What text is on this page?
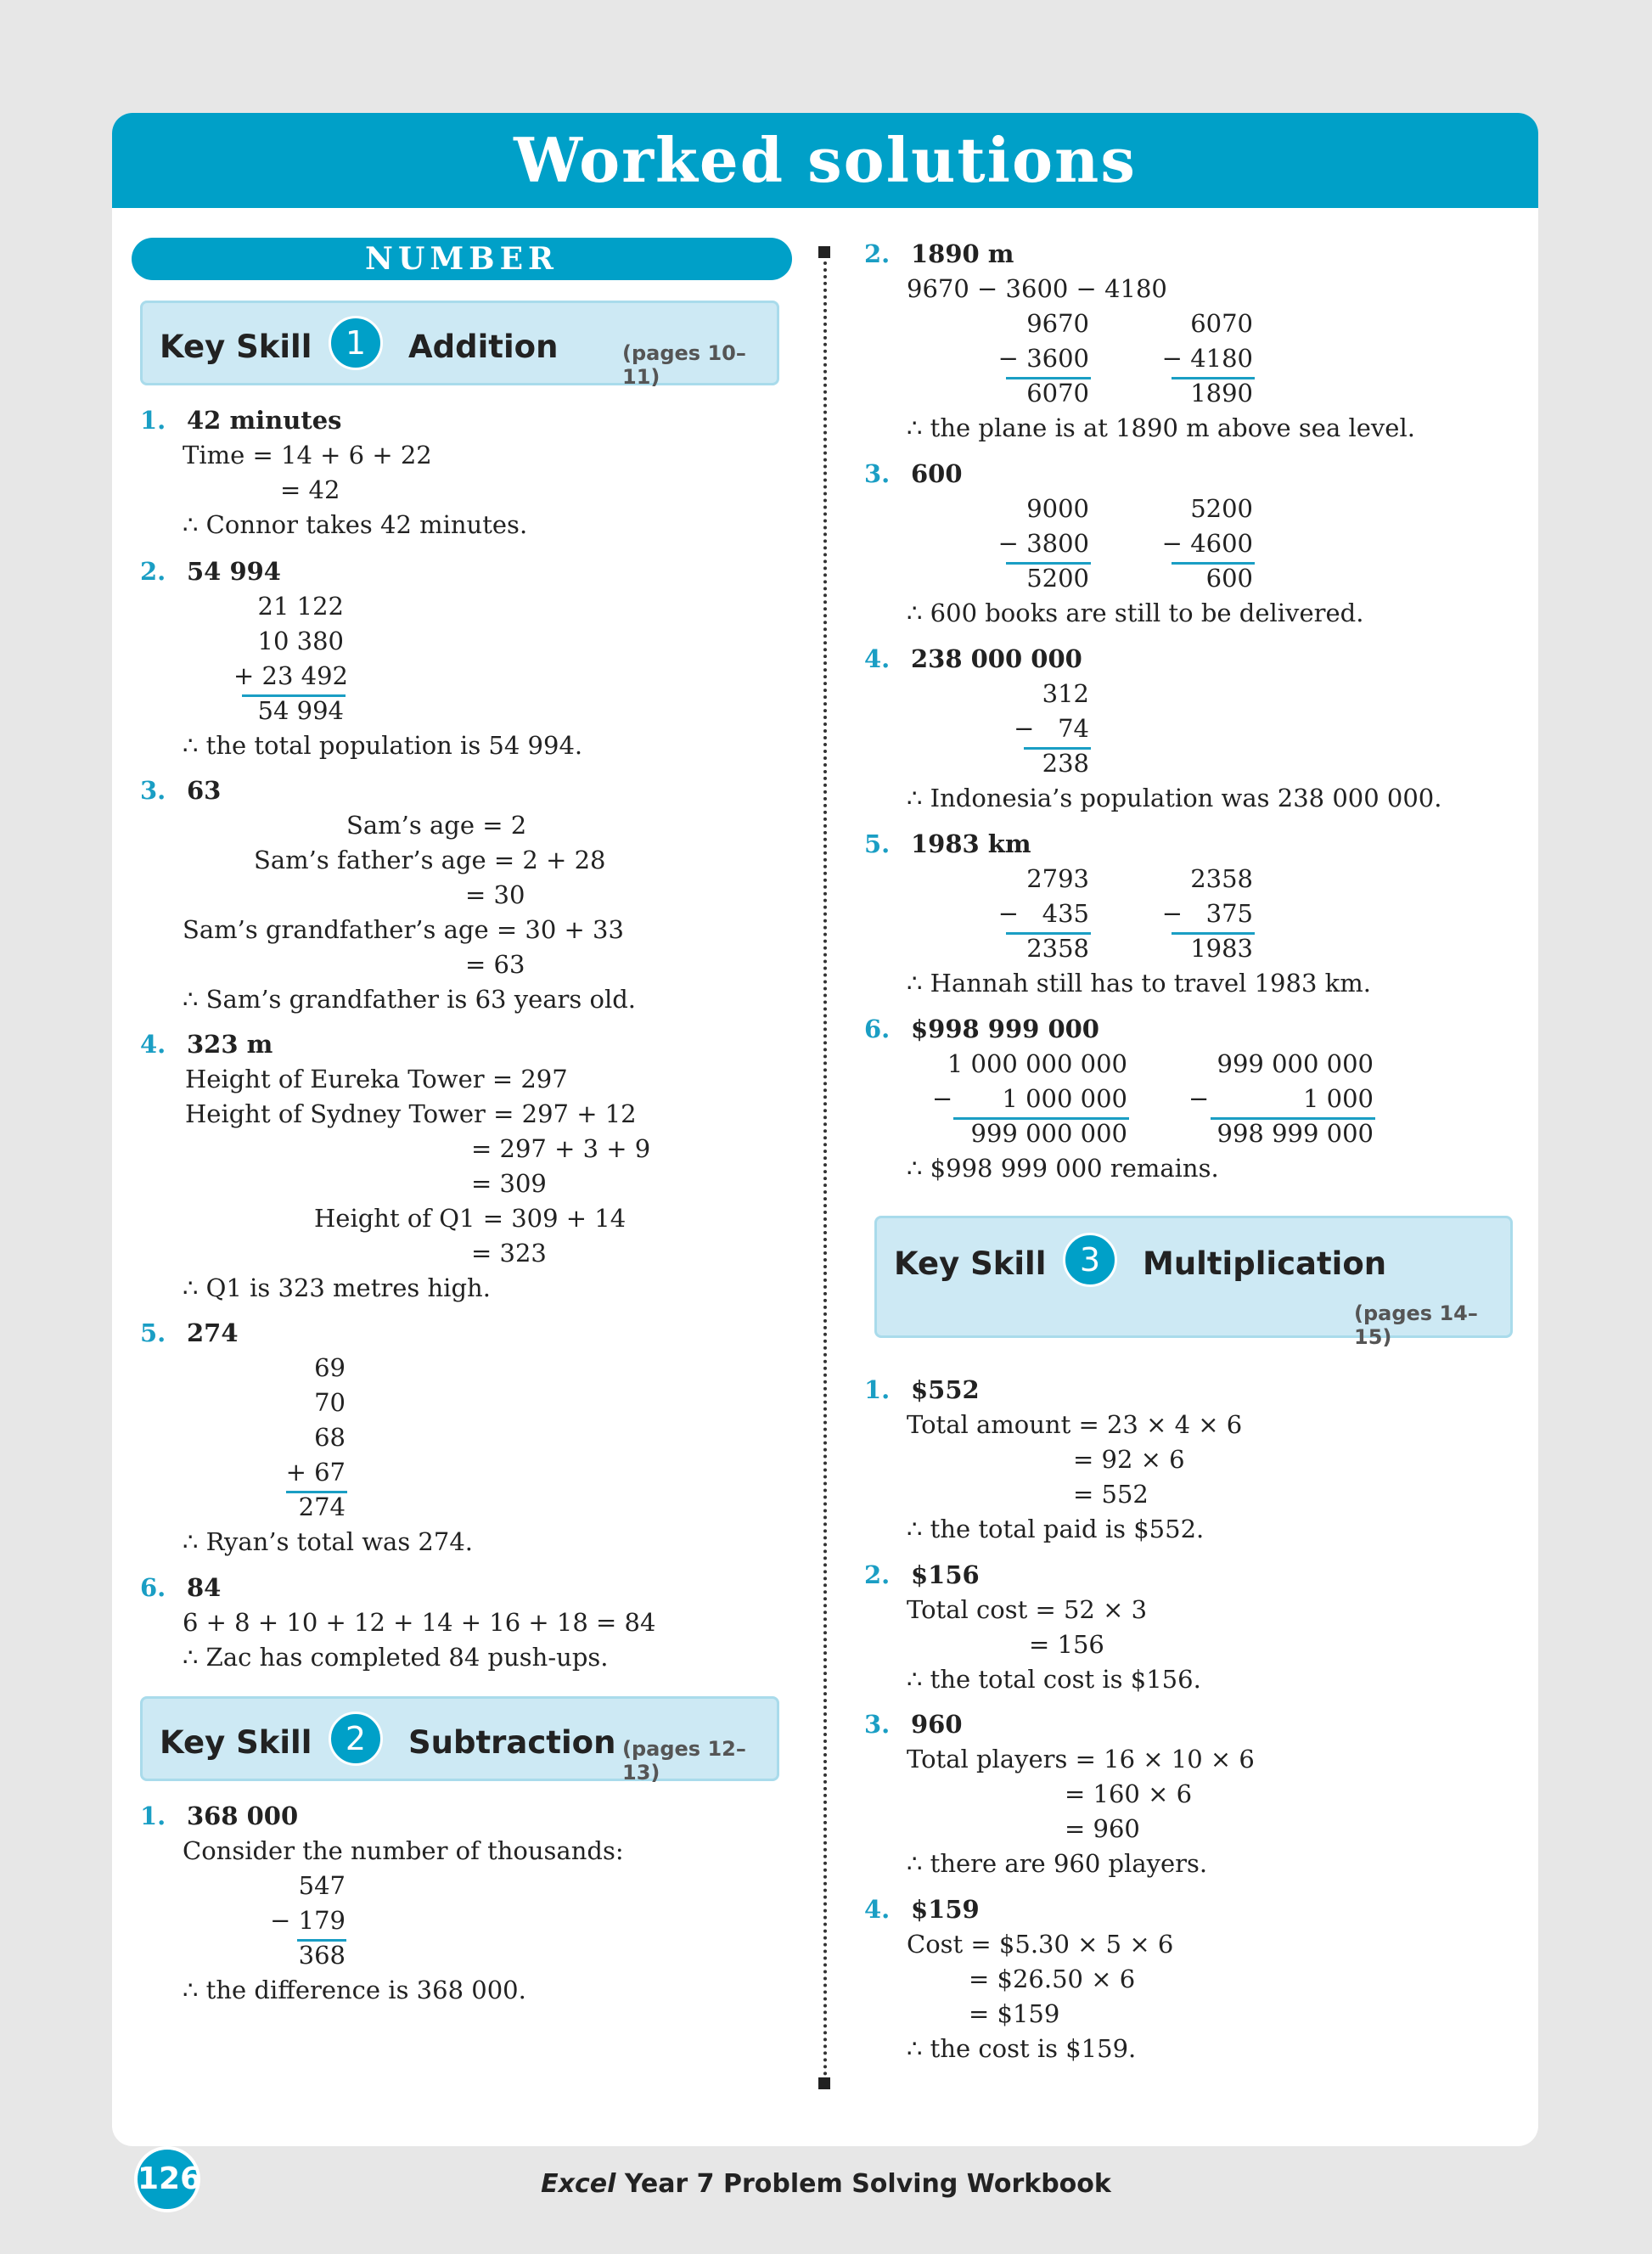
Worked solutions
NUMBER
Key Skill	1	Addition	(pages 10–11)
1. 42 minutes
Time = 14 + 6 + 22
= 42
∴ Connor takes 42 minutes.
2. 54 994
21 122
10 380
+ 23 492
54 994
∴ the total population is 54 994.
3. 63
Sam’s age = 2
Sam’s father’s age = 2 + 28
= 30
Sam’s grandfather’s age = 30 + 33
= 63
∴ Sam’s grandfather is 63 years old.
4. 323 m
Height of Eureka Tower = 297
Height of Sydney Tower = 297 + 12
= 297 + 3 + 9
= 309
Height of Q1 = 309 + 14
= 323
∴ Q1 is 323 metres high.
5. 274
69
70
68
+ 67
274
∴ Ryan’s total was 274.
6. 84
6 + 8 + 10 + 12 + 14 + 16 + 18 = 84
∴ Zac has completed 84 push-ups.
Key Skill	2	Subtraction (pages 12–13)
1. 368 000
Consider the number of thousands:
547
− 179
368
∴ the difference is 368 000.
2. 1890 m
9670 − 3600 − 4180
9670
− 3600
6070
6070
− 4180
1890
∴ the plane is at 1890 m above sea level.
3. 600
9000
− 3800
5200
5200
− 4600
600
∴ 600 books are still to be delivered.
4. 238 000 000
312
−   74
238
∴ Indonesia’s population was 238 000 000.
5. 1983 km
2793
−   435
2358
2358
−   375
1983
∴ Hannah still has to travel 1983 km.
6. $998 999 000
1 000 000 000
−	1 000 000
999 000 000
999 000 000
−	1 000
998 999 000
∴ $998 999 000 remains.
Key Skill	3	Multiplication
(pages 14–15)
1. $552
Total amount = 23 × 4 × 6
= 92 × 6
= 552
∴ the total paid is $552.
2. $156
Total cost = 52 × 3
= 156
∴ the total cost is $156.
3. 960
Total players = 16 × 10 × 6
= 160 × 6
= 960
∴ there are 960 players.
4. $159
Cost = $5.30 × 5 × 6
= $26.50 × 6
= $159
∴ the cost is $159.
126	Excel Year 7 Problem Solving Workbook
